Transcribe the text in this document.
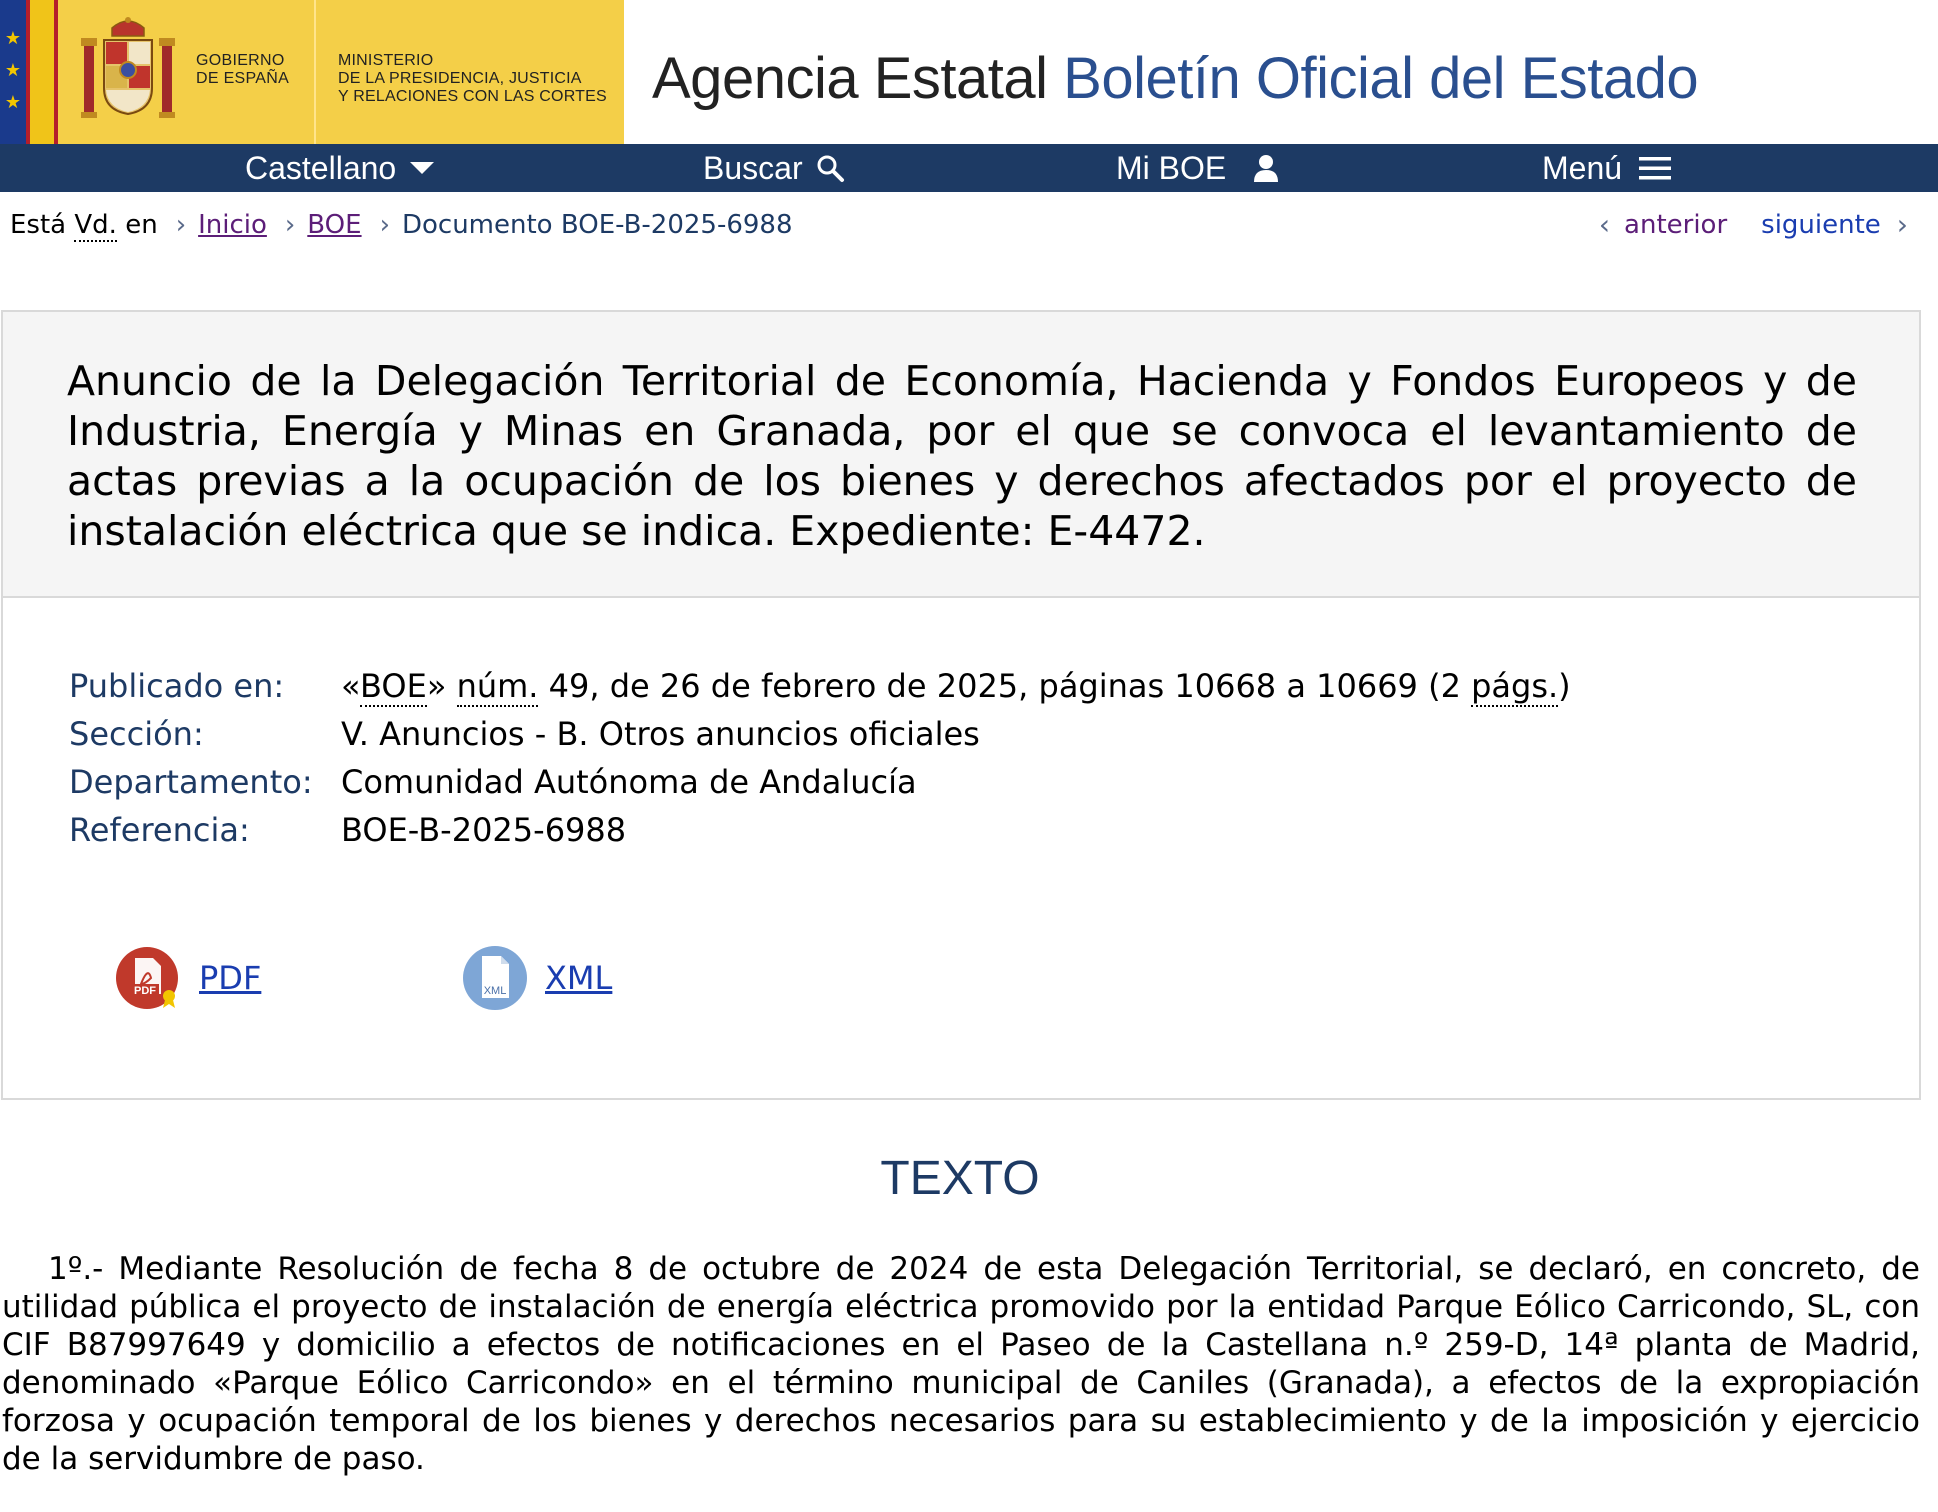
★
★
★
GOBIERNO
DE ESPAÑA
MINISTERIO
DE LA PRESIDENCIA, JUSTICIA
Y RELACIONES CON LAS CORTES Agencia Estatal Boletín Oficial del Estado
Castellano	Buscar	Mi BOE	Menú
Está Vd. en › Inicio › BOE › Documento BOE-B-2025-6988	‹ anterior siguiente ›
Anuncio de la Delegación Territorial de Economía, Hacienda y Fondos Europeos y de Industria, Energía y Minas en Granada, por el que se convoca el levantamiento de actas previas a la ocupación de los bienes y derechos afectados por el proyecto de instalación eléctrica que se indica. Expediente: E-4472.
Publicado en: «BOE» núm. 49, de 26 de febrero de 2025, páginas 10668 a 10669 (2 págs.)
Sección:	V. Anuncios - B. Otros anuncios oficiales
Departamento: Comunidad Autónoma de Andalucía
Referencia:	BOE-B-2025-6988
PDF PDF	XML XML
TEXTO

1º.- Mediante Resolución de fecha 8 de octubre de 2024 de esta Delegación Territorial, se declaró, en concreto, de utilidad pública el proyecto de instalación de energía eléctrica promovido por la entidad Parque Eólico Carricondo, SL, con CIF B87997649 y domicilio a efectos de notificaciones en el Paseo de la Castellana n.º 259-D, 14ª planta de Madrid, denominado «Parque Eólico Carricondo» en el término municipal de Caniles (Granada), a efectos de la expropiación forzosa y ocupación temporal de los bienes y derechos necesarios para su establecimiento y de la imposición y ejercicio de la servidumbre de paso.
